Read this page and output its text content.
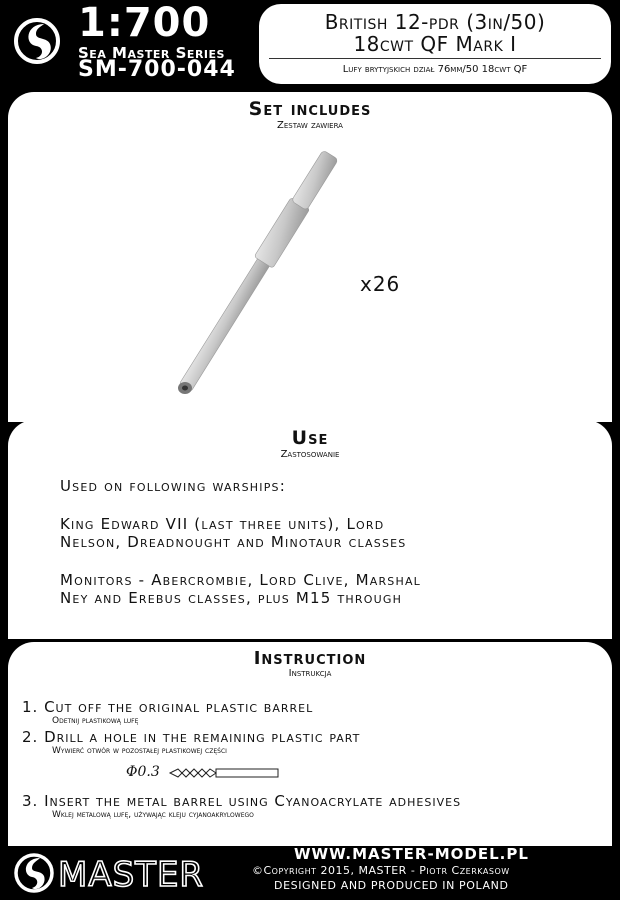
1:700
Sea Master Series
SM-700-044
British 12-pdr (3in/50)
18cwt QF Mark I
Lufy brytyjskich dział 76mm/50 18cwt QF
Set includes
Zestaw zawiera
x26
Use
Zastosowanie
Used on following warships:
King Edward VII (last three units), Lord
Nelson, Dreadnought and Minotaur classes
Monitors - Abercrombie, Lord Clive, Marshal
Ney and Erebus classes, plus M15 through
Instruction
Instrukcja
1. Cut off the original plastic barrel
Odetnij plastikową lufę
2. Drill a hole in the remaining plastic part
Wywierć otwór w pozostałej plastikowej części
Φ0.3
3. Insert the metal barrel using Cyanoacrylate adhesives
Wklej metalową lufę, używając kleju cyjanoakrylowego
MASTER
WWW.MASTER-MODEL.PL
©Copyright 2015, MASTER - Piotr Czerkasow
DESIGNED AND PRODUCED IN POLAND
